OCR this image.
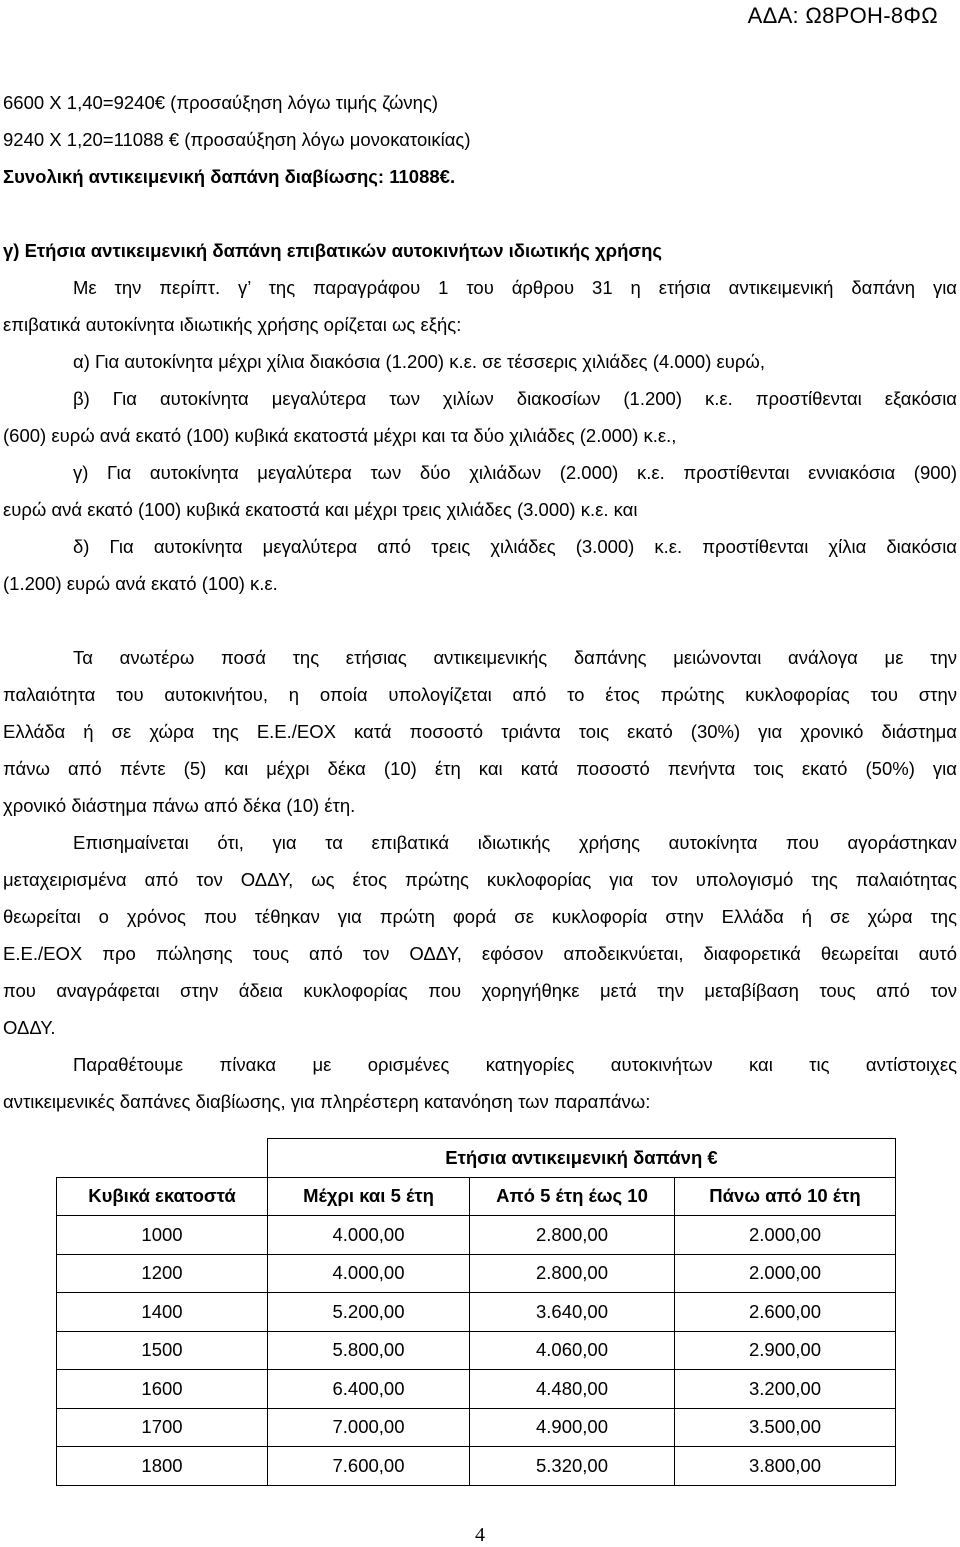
ΑΔΑ: Ω8ΡΟΗ-8ΦΩ
6600 Χ 1,40=9240€ (προσαύξηση λόγω τιμής ζώνης)
9240 Χ 1,20=11088 € (προσαύξηση λόγω μονοκατοικίας)
Συνολική αντικειμενική δαπάνη διαβίωσης: 11088€.
γ) Ετήσια αντικειμενική δαπάνη επιβατικών αυτοκινήτων ιδιωτικής χρήσης
Με την περίπτ. γ’ της παραγράφου 1 του άρθρου 31 η ετήσια αντικειμενική δαπάνη για
επιβατικά αυτοκίνητα ιδιωτικής χρήσης ορίζεται ως εξής:
α) Για αυτοκίνητα μέχρι χίλια διακόσια (1.200) κ.ε. σε τέσσερις χιλιάδες (4.000) ευρώ,
β) Για αυτοκίνητα μεγαλύτερα των χιλίων διακοσίων (1.200) κ.ε. προστίθενται εξακόσια
(600) ευρώ ανά εκατό (100) κυβικά εκατοστά μέχρι και τα δύο χιλιάδες (2.000) κ.ε.,
γ) Για αυτοκίνητα μεγαλύτερα των δύο χιλιάδων (2.000) κ.ε. προστίθενται εννιακόσια (900)
ευρώ ανά εκατό (100) κυβικά εκατοστά και μέχρι τρεις χιλιάδες (3.000) κ.ε. και
δ) Για αυτοκίνητα μεγαλύτερα από τρεις χιλιάδες (3.000) κ.ε. προστίθενται χίλια διακόσια
(1.200) ευρώ ανά εκατό (100) κ.ε.
Τα ανωτέρω ποσά της ετήσιας αντικειμενικής δαπάνης μειώνονται ανάλογα με την
παλαιότητα του αυτοκινήτου, η οποία υπολογίζεται από το έτος πρώτης κυκλοφορίας του στην
Ελλάδα ή σε χώρα της Ε.Ε./ΕΟΧ κατά ποσοστό τριάντα τοις εκατό (30%) για χρονικό διάστημα
πάνω από πέντε (5) και μέχρι δέκα (10) έτη και κατά ποσοστό πενήντα τοις εκατό (50%) για
χρονικό διάστημα πάνω από δέκα (10) έτη.
Επισημαίνεται ότι, για τα επιβατικά ιδιωτικής χρήσης αυτοκίνητα που αγοράστηκαν
μεταχειρισμένα από τον ΟΔΔΥ, ως έτος πρώτης κυκλοφορίας για τον υπολογισμό της παλαιότητας
θεωρείται ο χρόνος που τέθηκαν για πρώτη φορά σε κυκλοφορία στην Ελλάδα ή σε χώρα της
Ε.Ε./ΕΟΧ προ πώλησης τους από τον ΟΔΔΥ, εφόσον αποδεικνύεται, διαφορετικά θεωρείται αυτό
που αναγράφεται στην άδεια κυκλοφορίας που χορηγήθηκε μετά την μεταβίβαση τους από τον
ΟΔΔΥ.
Παραθέτουμε πίνακα με ορισμένες κατηγορίες αυτοκινήτων και τις αντίστοιχες
αντικειμενικές δαπάνες διαβίωσης, για πληρέστερη κατανόηση των παραπάνω:
	Ετήσια αντικειμενική δαπάνη €		
Κυβικά εκατοστά	Μέχρι και 5 έτη	Από 5 έτη έως 10	Πάνω από 10 έτη
1000	4.000,00	2.800,00	2.000,00
1200	4.000,00	2.800,00	2.000,00
1400	5.200,00	3.640,00	2.600,00
1500	5.800,00	4.060,00	2.900,00
1600	6.400,00	4.480,00	3.200,00
1700	7.000,00	4.900,00	3.500,00
1800	7.600,00	5.320,00	3.800,00
4
